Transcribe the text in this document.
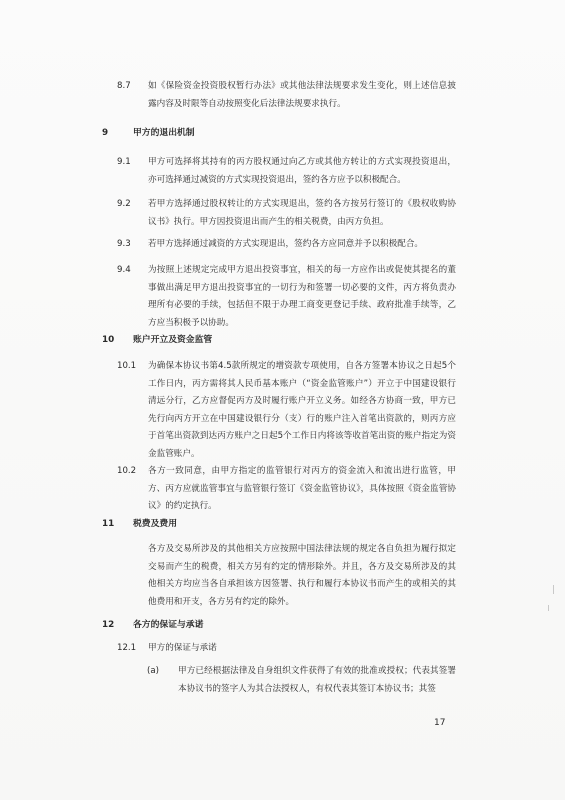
8.7 如《保险资金投资股权暂行办法》或其他法律法规要求发生变化，则上述信息披露内容及时限等自动按照变化后法律法规要求执行。
9	甲方的退出机制
9.1 甲方可选择将其持有的丙方股权通过向乙方或其他方转让的方式实现投资退出，亦可选择通过减资的方式实现投资退出，签约各方应予以积极配合。
9.2 若甲方选择通过股权转让的方式实现退出，签约各方按另行签订的《股权收购协议书》执行。甲方因投资退出而产生的相关税费，由丙方负担。
9.3 若甲方选择通过减资的方式实现退出，签约各方应同意并予以积极配合。
9.4 为按照上述规定完成甲方退出投资事宜，相关的每一方应作出或促使其提名的董事做出满足甲方退出投资事宜的一切行为和签署一切必要的文件，丙方将负责办理所有必要的手续，包括但不限于办理工商变更登记手续、政府批准手续等，乙方应当积极予以协助。
10 账户开立及资金监管
10.1 为确保本协议书第4.5款所规定的增资款专项使用，自各方签署本协议之日起5个工作日内，丙方需将其人民币基本账户（“资金监管账户”）开立于中国建设银行清远分行，乙方应督促丙方及时履行账户开立义务。如经各方协商一致，甲方已先行向丙方开立在中国建设银行分（支）行的账户注入首笔出资款的，则丙方应于首笔出资款到达丙方账户之日起5个工作日内将该等收首笔出资的账户指定为资金监管账户。
10.2 各方一致同意，由甲方指定的监管银行对丙方的资金流入和流出进行监管，甲方、丙方应就监管事宜与监管银行签订《资金监管协议》，具体按照《资金监管协议》的约定执行。
11 税费及费用
各方及交易所涉及的其他相关方应按照中国法律法规的规定各自负担为履行拟定交易而产生的税费，相关方另有约定的情形除外。并且，各方及交易所涉及的其他相关方均应当各自承担该方因签署、执行和履行本协议书而产生的或相关的其他费用和开支，各方另有约定的除外。
12 各方的保证与承诺
12.1 甲方的保证与承诺
(a) 甲方已经根据法律及自身组织文件获得了有效的批准或授权；代表其签署本协议书的签字人为其合法授权人，有权代表其签订本协议书；其签
17
